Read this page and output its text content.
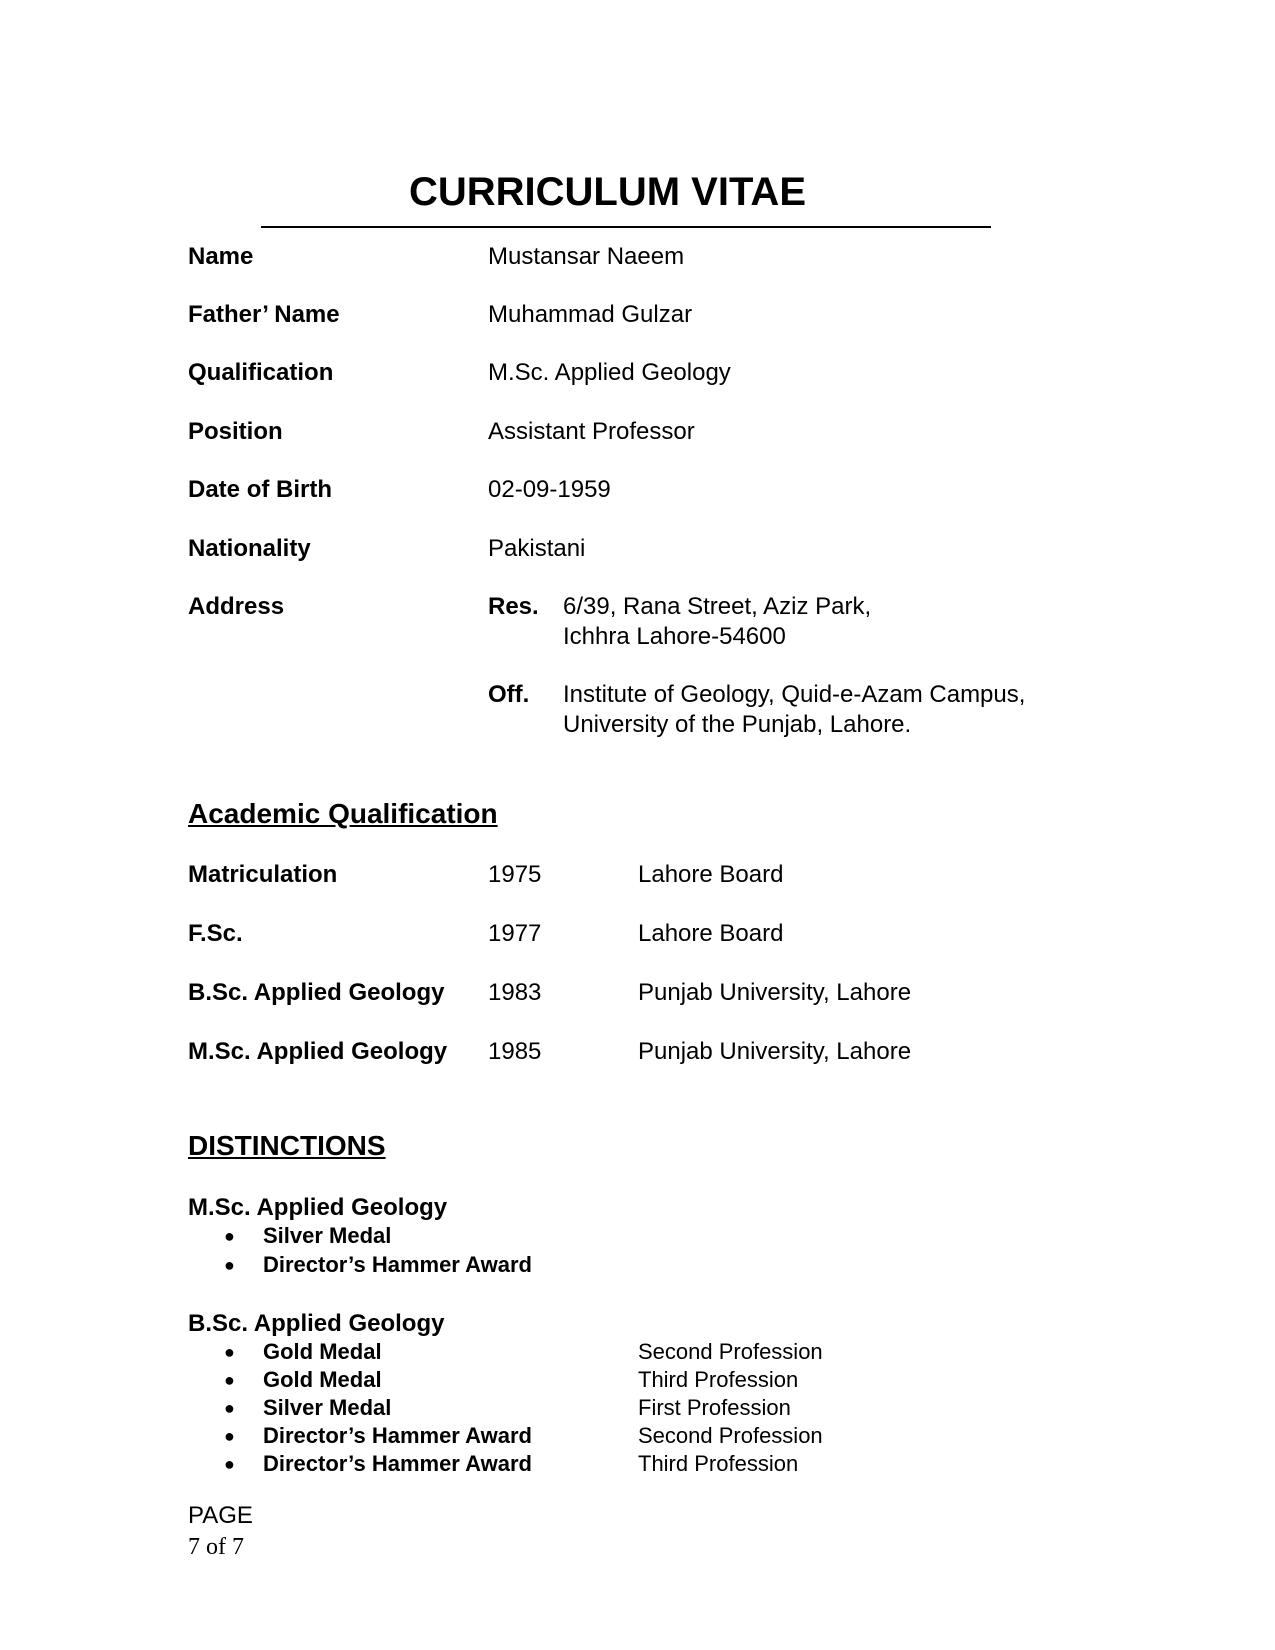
CURRICULUM VITAE
Name	Mustansar Naeem
Father’ Name	Muhammad Gulzar
Qualification	M.Sc. Applied Geology
Position	Assistant Professor
Date of Birth	02-09-1959
Nationality	Pakistani
Address	Res. 6/39, Rana Street, Aziz Park,
Ichhra Lahore-54600
Off. Institute of Geology, Quid-e-Azam Campus,
University of the Punjab, Lahore.
Academic Qualification
Matriculation	1975	Lahore Board
F.Sc.	1977	Lahore Board
B.Sc. Applied Geology 1983	Punjab University, Lahore
M.Sc. Applied Geology 1985	Punjab University, Lahore
DISTINCTIONS
M.Sc. Applied Geology
● Silver Medal
● Director’s Hammer Award
B.Sc. Applied Geology
● Gold Medal	Second Profession
● Gold Medal	Third Profession
● Silver Medal	First Profession
● Director’s Hammer Award	Second Profession
● Director’s Hammer Award	Third Profession
PAGE
7 of 7
